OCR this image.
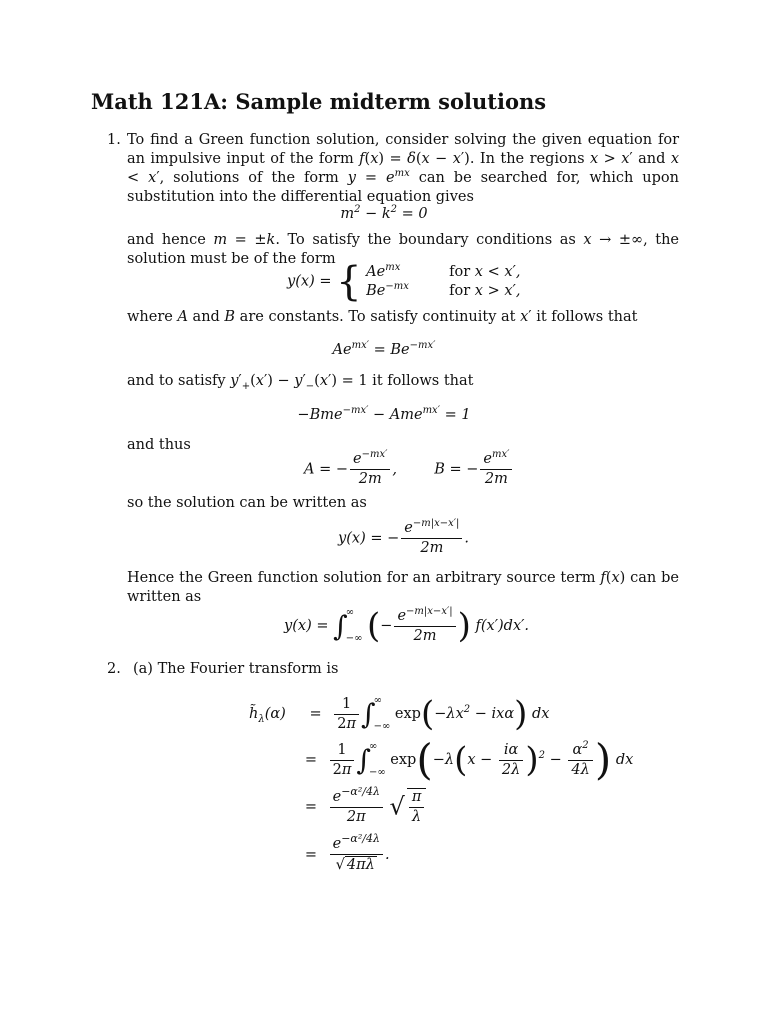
Math 121A: Sample midterm solutions
1. To find a Green function solution, consider solving the given equation for an impulsive input of the form f(x) = δ(x − x′). In the regions x > x′ and x < x′, solutions of the form $y = e^{mx}$ can be searched for, which upon substitution into the differential equation gives
$m^2 - k^2 = 0$
and hence m = ±k. To satisfy the boundary conditions as x → ±∞, the solution must be of the form
y(x) = { $Ae^{mx}$	for x < x′,
$Be^{-mx}$	for x > x′,
where A and B are constants. To satisfy continuity at x′ it follows that
$Ae^{mx'} = Be^{-mx'}$
and to satisfy $y'_+(x') - y'_-(x') = 1$ it follows that
−Bme$^{-mx'}$ − Ame$^{mx'}$ = 1
and thus
A = − $\frac{e^{-mx'}}{2m}$ ,  B = − $\frac{e^{mx'}}{2m}$
so the solution can be written as
y(x) = − $\frac{e^{-m|x-x'|}}{2m}$ .
Hence the Green function solution for an arbitrary source term f(x) can be written as
y(x) = ∫
∞
−∞ (− $\frac{e^{-m|x-x'|}}{2m}$ ) f(x′)dx′.
2. (a) The Fourier transform is
$h̃_\lambda(\alpha) = \frac{1}{2\pi}$ ∫
∞
−∞
$\exp(-\lambda x^2 - ix\alpha)$ dx
= $\frac{1}{2\pi}$ ∫
∞
−∞
$\exp(-\lambda(x - \frac{i\alpha}{2\lambda} )^2 - \frac{\alpha^2}{4\lambda}$ ) dx
= $\frac{e^{-\alpha^2/4\lambda}}{2\pi}$ √ $\frac{\pi}{\lambda}$
= $\frac{e^{-\alpha^2/4\lambda}}{√ 4\pi\lambda}$ .
